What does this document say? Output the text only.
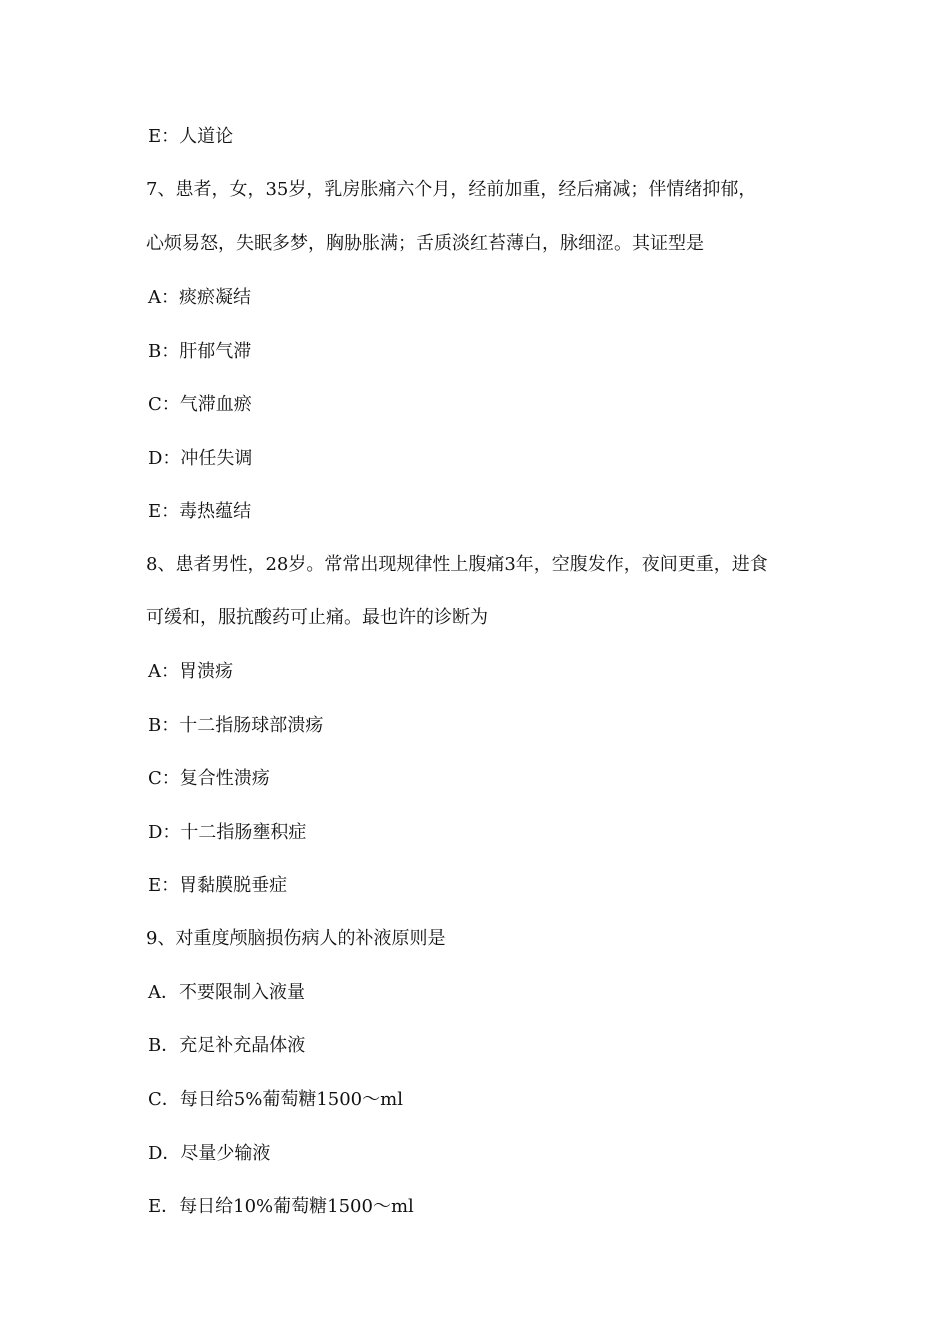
E：人道论
7、患者，女，35岁，乳房胀痛六个月，经前加重，经后痛减；伴情绪抑郁，
心烦易怒，失眠多梦，胸胁胀满；舌质淡红苔薄白，脉细涩。其证型是
A：痰瘀凝结
B：肝郁气滞
C：气滞血瘀
D：冲任失调
E：毒热蕴结
8、患者男性，28岁。常常出现规律性上腹痛3年，空腹发作，夜间更重，进食
可缓和，服抗酸药可止痛。最也许的诊断为
A：胃溃疡
B：十二指肠球部溃疡
C：复合性溃疡
D：十二指肠壅积症
E：胃黏膜脱垂症
9、对重度颅脑损伤病人的补液原则是
A．不要限制入液量
B．充足补充晶体液
C．每日给5%葡萄糖1500～ml
D．尽量少输液
E．每日给10%葡萄糖1500～ml
